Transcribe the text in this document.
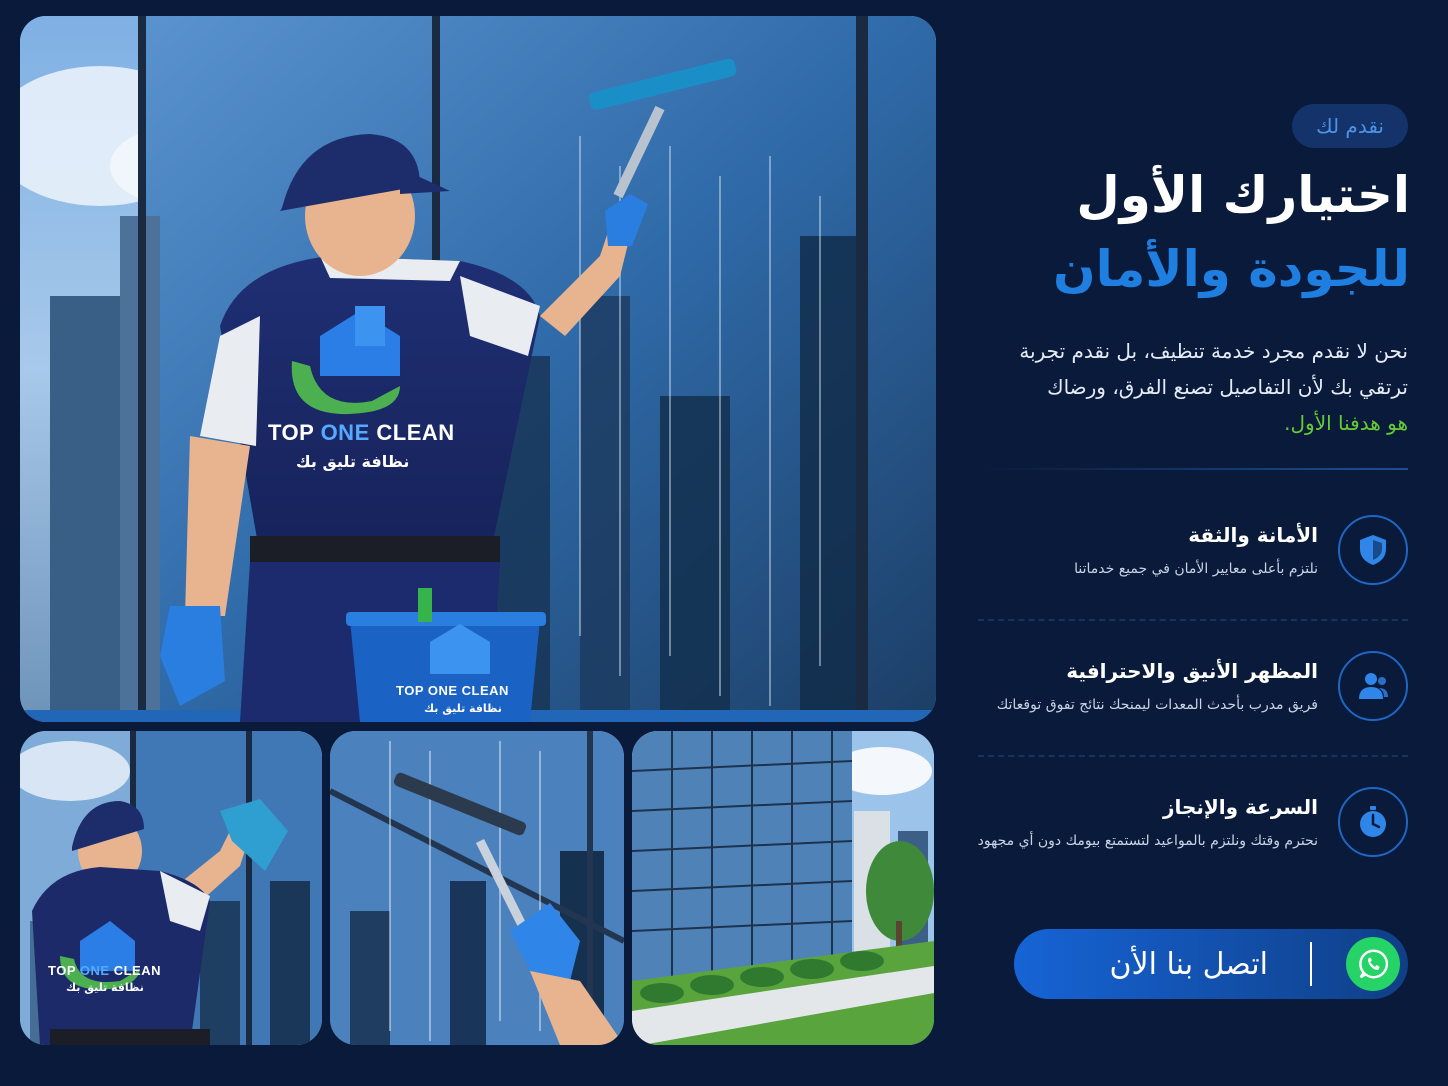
TOP ONE CLEAN
نظافة تليق بك
TOP ONE CLEAN
نظافة تليق بك
TOP ONE CLEAN
نظافة تليق بك
نقدم لك
اختيارك الأول
للجودة والأمان
نحن لا نقدم مجرد خدمة تنظيف، بل نقدم تجربة
ترتقي بك لأن التفاصيل تصنع الفرق، ورضاك
هو هدفنا الأول.
الأمانة والثقة
نلتزم بأعلى معايير الأمان في جميع خدماتنا
المظهر الأنيق والاحترافية
فريق مدرب بأحدث المعدات ليمنحك نتائج تفوق توقعاتك
السرعة والإنجاز
نحترم وقتك ونلتزم بالمواعيد لتستمتع بيومك دون أي مجهود
اتصل بنا الأن
